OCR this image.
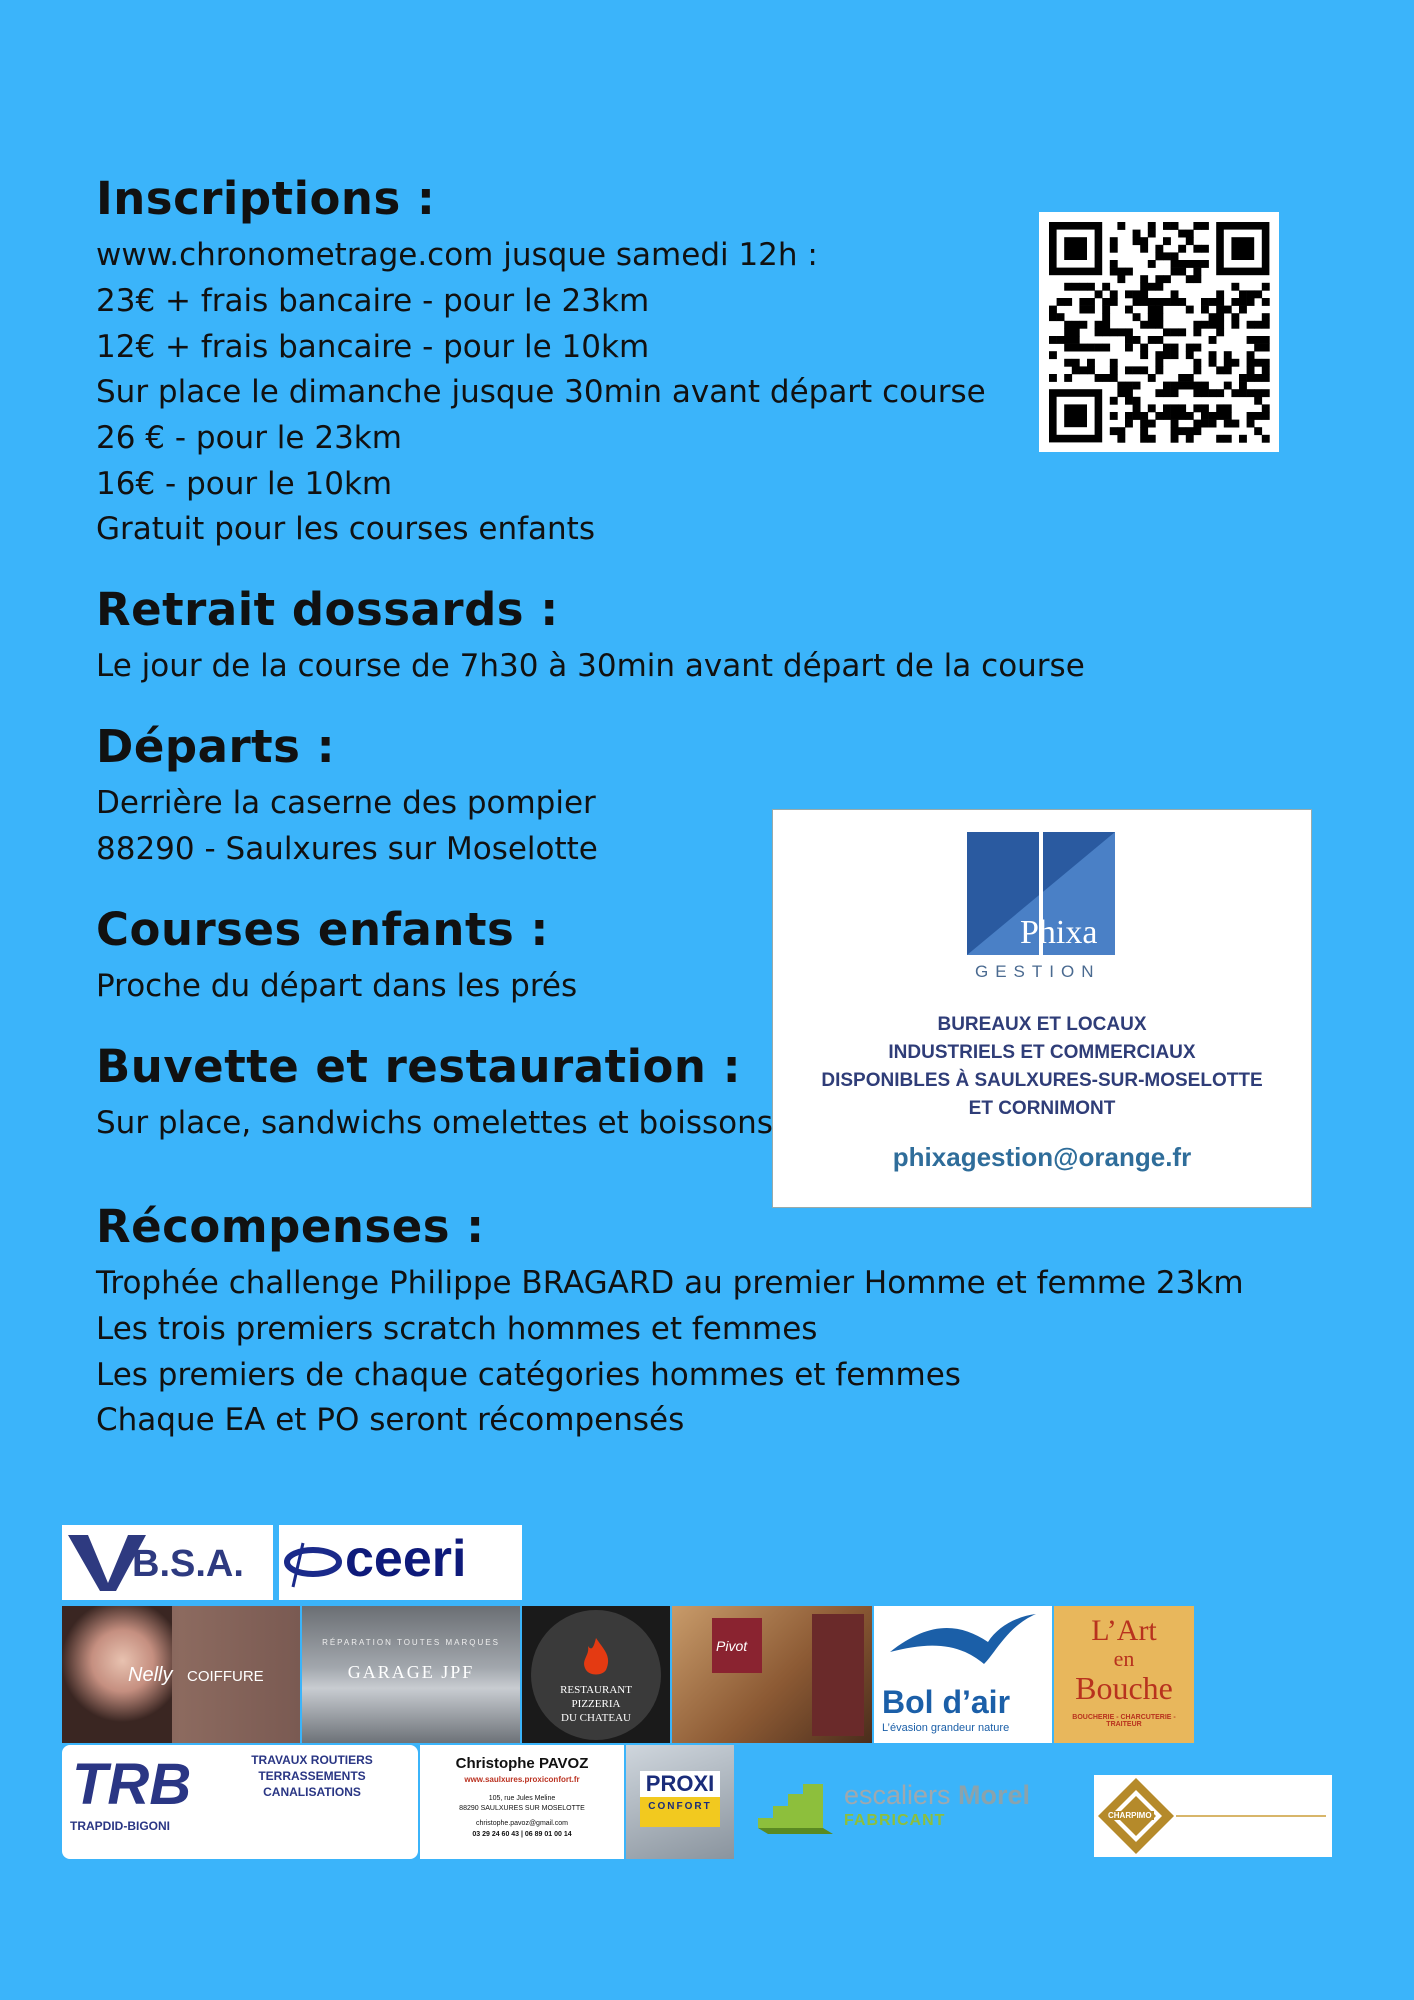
Inscriptions :
www.chronometrage.com jusque samedi 12h :
23€ + frais bancaire - pour le 23km
12€ + frais bancaire - pour le 10km
Sur place le dimanche jusque 30min avant départ course
26 € - pour le 23km
16€ - pour le 10km
Gratuit pour les courses enfants
Retrait dossards :
Le jour de la course de 7h30 à 30min avant départ de la course
Départs :
Derrière la caserne des pompier
88290 - Saulxures sur Moselotte
Courses enfants :
Proche du départ dans les prés
Buvette et restauration :
Sur place, sandwichs omelettes et boissons
Récompenses :
Trophée challenge Philippe BRAGARD au premier Homme et femme 23km
Les trois premiers scratch hommes et femmes
Les premiers de chaque catégories hommes et femmes
Chaque EA et PO seront récompensés
Phixa
GESTION
BUREAUX ET LOCAUX
INDUSTRIELS ET COMMERCIAUX
DISPONIBLES À SAULXURES-SUR-MOSELOTTE
ET CORNIMONT
phixagestion@orange.fr
B.S.A. ceeri
Nelly COIFFURE
RÉPARATION TOUTES MARQUES
GARAGE JPF
RESTAURANT
PIZZERIA
DU CHATEAU
Pivot
Bol d’air
L’évasion grandeur nature
L’Art
en
Bouche
BOUCHERIE - CHARCUTERIE - TRAITEUR
TRB
TRAPDID-BIGONI
TRAVAUX ROUTIERS
TERRASSEMENTS
CANALISATIONS
Christophe PAVOZ
www.saulxures.proxiconfort.fr
105, rue Jules Meline
88290 SAULXURES SUR MOSELOTTE
christophe.pavoz@gmail.com
03 29 24 60 43 | 06 89 01 00 14
PROXI
CONFORT	escaliers Morel
FABRICANT	CHARPIMO
